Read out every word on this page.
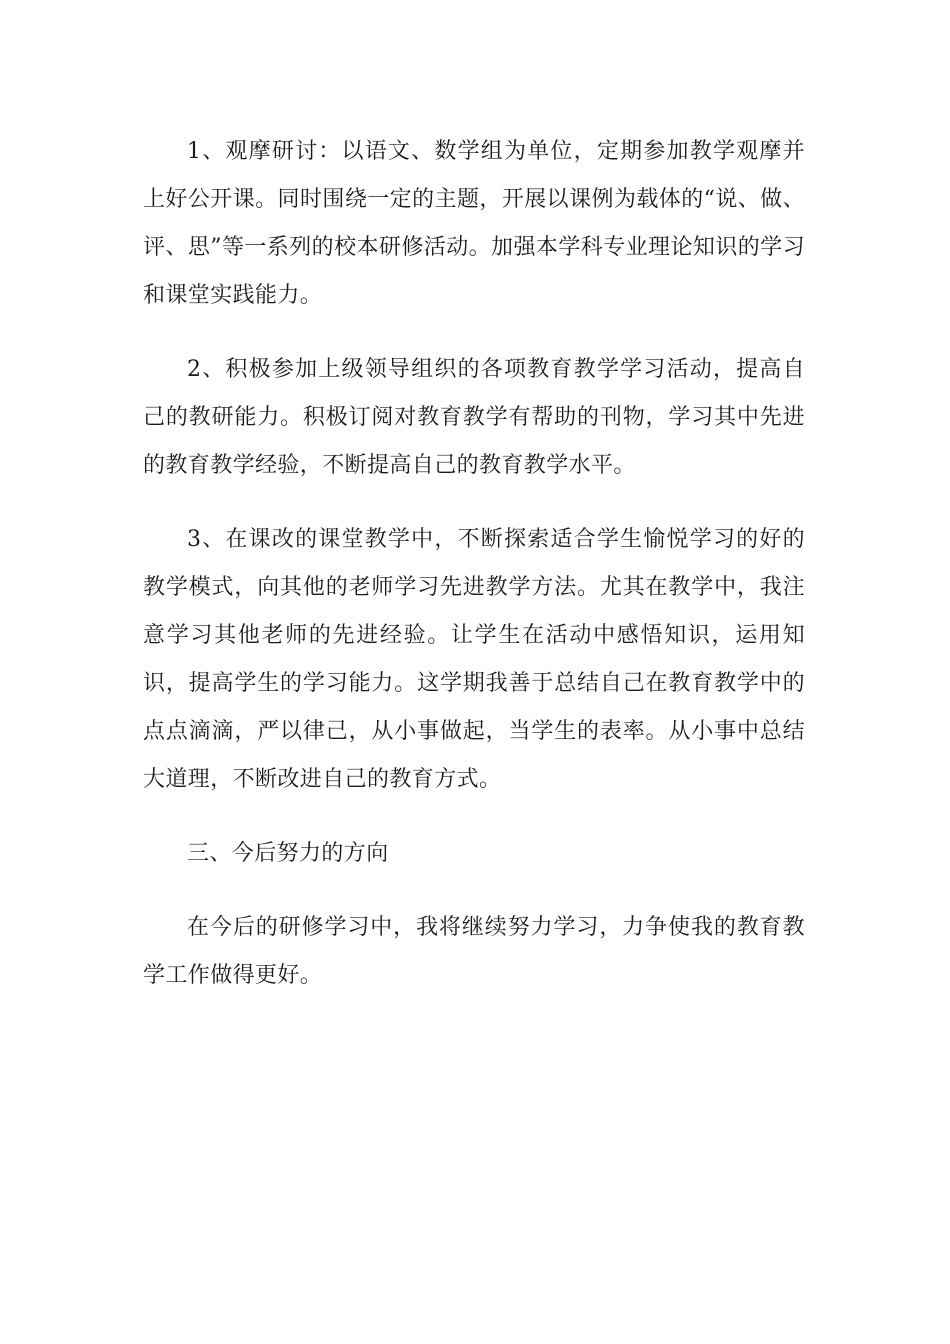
1、观摩研讨：以语文、数学组为单位，定期参加教学观摩并上好公开课。同时围绕一定的主题，开展以课例为载体的“说、做、评、思”等一系列的校本研修活动。加强本学科专业理论知识的学习和课堂实践能力。

2、积极参加上级领导组织的各项教育教学学习活动，提高自己的教研能力。积极订阅对教育教学有帮助的刊物，学习其中先进的教育教学经验，不断提高自己的教育教学水平。

3、在课改的课堂教学中，不断探索适合学生愉悦学习的好的教学模式，向其他的老师学习先进教学方法。尤其在教学中，我注意学习其他老师的先进经验。让学生在活动中感悟知识，运用知识，提高学生的学习能力。这学期我善于总结自己在教育教学中的点点滴滴，严以律己，从小事做起，当学生的表率。从小事中总结大道理，不断改进自己的教育方式。

三、今后努力的方向

在今后的研修学习中，我将继续努力学习，力争使我的教育教学工作做得更好。
